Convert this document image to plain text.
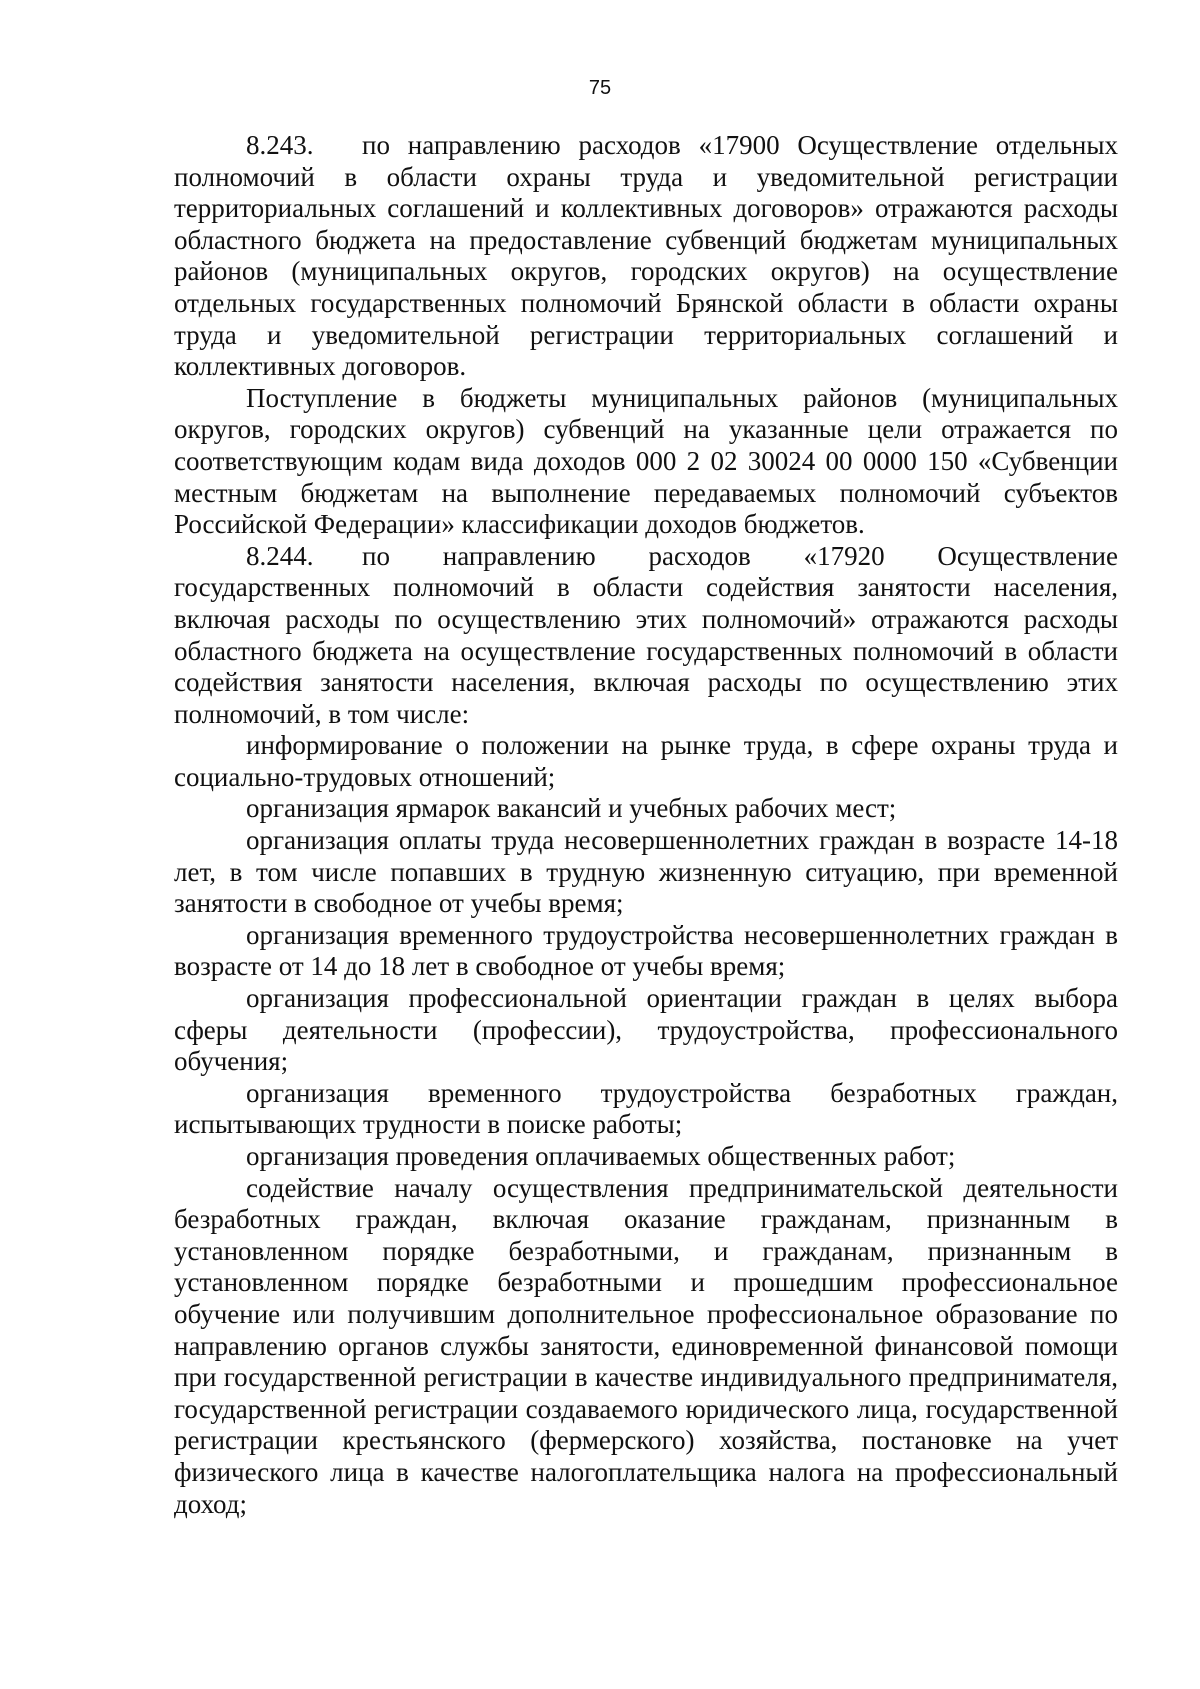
75

8.243. по направлению расходов «17900 Осуществление отдельных полномочий в области охраны труда и уведомительной регистрации территориальных соглашений и коллективных договоров» отражаются расходы областного бюджета на предоставление субвенций бюджетам муниципальных районов (муниципальных округов, городских округов) на осуществление отдельных государственных полномочий Брянской области в области охраны труда и уведомительной регистрации территориальных соглашений и коллективных договоров.

Поступление в бюджеты муниципальных районов (муниципальных округов, городских округов) субвенций на указанные цели отражается по соответствующим кодам вида доходов 000 2 02 30024 00 0000 150 «Субвенции местным бюджетам на выполнение передаваемых полномочий субъектов Российской Федерации» классификации доходов бюджетов.

8.244. по направлению расходов «17920 Осуществление государственных полномочий в области содействия занятости населения, включая расходы по осуществлению этих полномочий» отражаются расходы областного бюджета на осуществление государственных полномочий в области содействия занятости населения, включая расходы по осуществлению этих полномочий, в том числе:

информирование о положении на рынке труда, в сфере охраны труда и социально-трудовых отношений;

организация ярмарок вакансий и учебных рабочих мест;

организация оплаты труда несовершеннолетних граждан в возрасте 14-18 лет, в том числе попавших в трудную жизненную ситуацию, при временной занятости в свободное от учебы время;

организация временного трудоустройства несовершеннолетних граждан в возрасте от 14 до 18 лет в свободное от учебы время;

организация профессиональной ориентации граждан в целях выбора сферы деятельности (профессии), трудоустройства, профессионального обучения;

организация временного трудоустройства безработных граждан, испытывающих трудности в поиске работы;

организация проведения оплачиваемых общественных работ;

содействие началу осуществления предпринимательской деятельности безработных граждан, включая оказание гражданам, признанным в установленном порядке безработными, и гражданам, признанным в установленном порядке безработными и прошедшим профессиональное обучение или получившим дополнительное профессиональное образование по направлению органов службы занятости, единовременной финансовой помощи при государственной регистрации в качестве индивидуального предпринимателя, государственной регистрации создаваемого юридического лица, государственной регистрации крестьянского (фермерского) хозяйства, постановке на учет физического лица в качестве налогоплательщика налога на профессиональный доход;
